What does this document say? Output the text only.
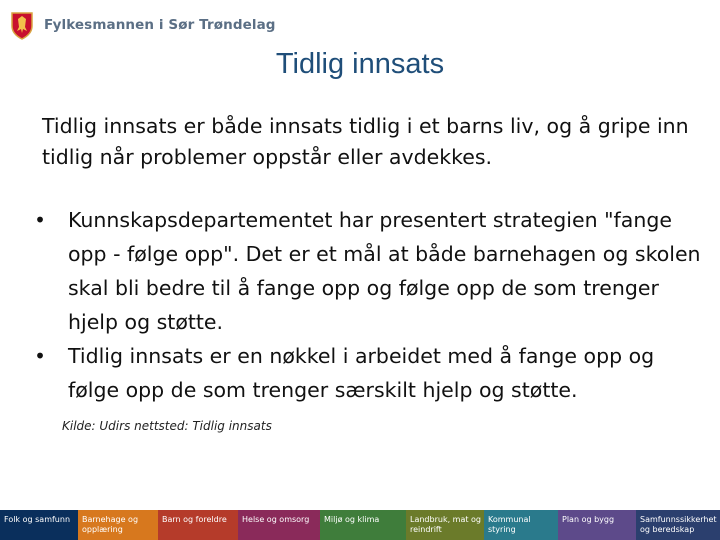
Fylkesmannen i Sør Trøndelag
Tidlig innsats
Tidlig innsats er både innsats tidlig i et barns liv, og å gripe inn tidlig når problemer oppstår eller avdekkes.
• Kunnskapsdepartementet har presentert strategien "fange opp - følge opp". Det er et mål at både barnehagen og skolen skal bli bedre til å fange opp og følge opp de som trenger hjelp og støtte.
• Tidlig innsats er en nøkkel i arbeidet med å fange opp og følge opp de som trenger særskilt hjelp og støtte.
Kilde: Udirs nettsted: Tidlig innsats
Folk og samfunn	Barnehage og opplæring
Barn og foreldre	Helse og omsorg	Miljø og klima	Landbruk, mat og reindrift
Kommunal styring
Plan og bygg	Samfunnssikkerhet og beredskap
